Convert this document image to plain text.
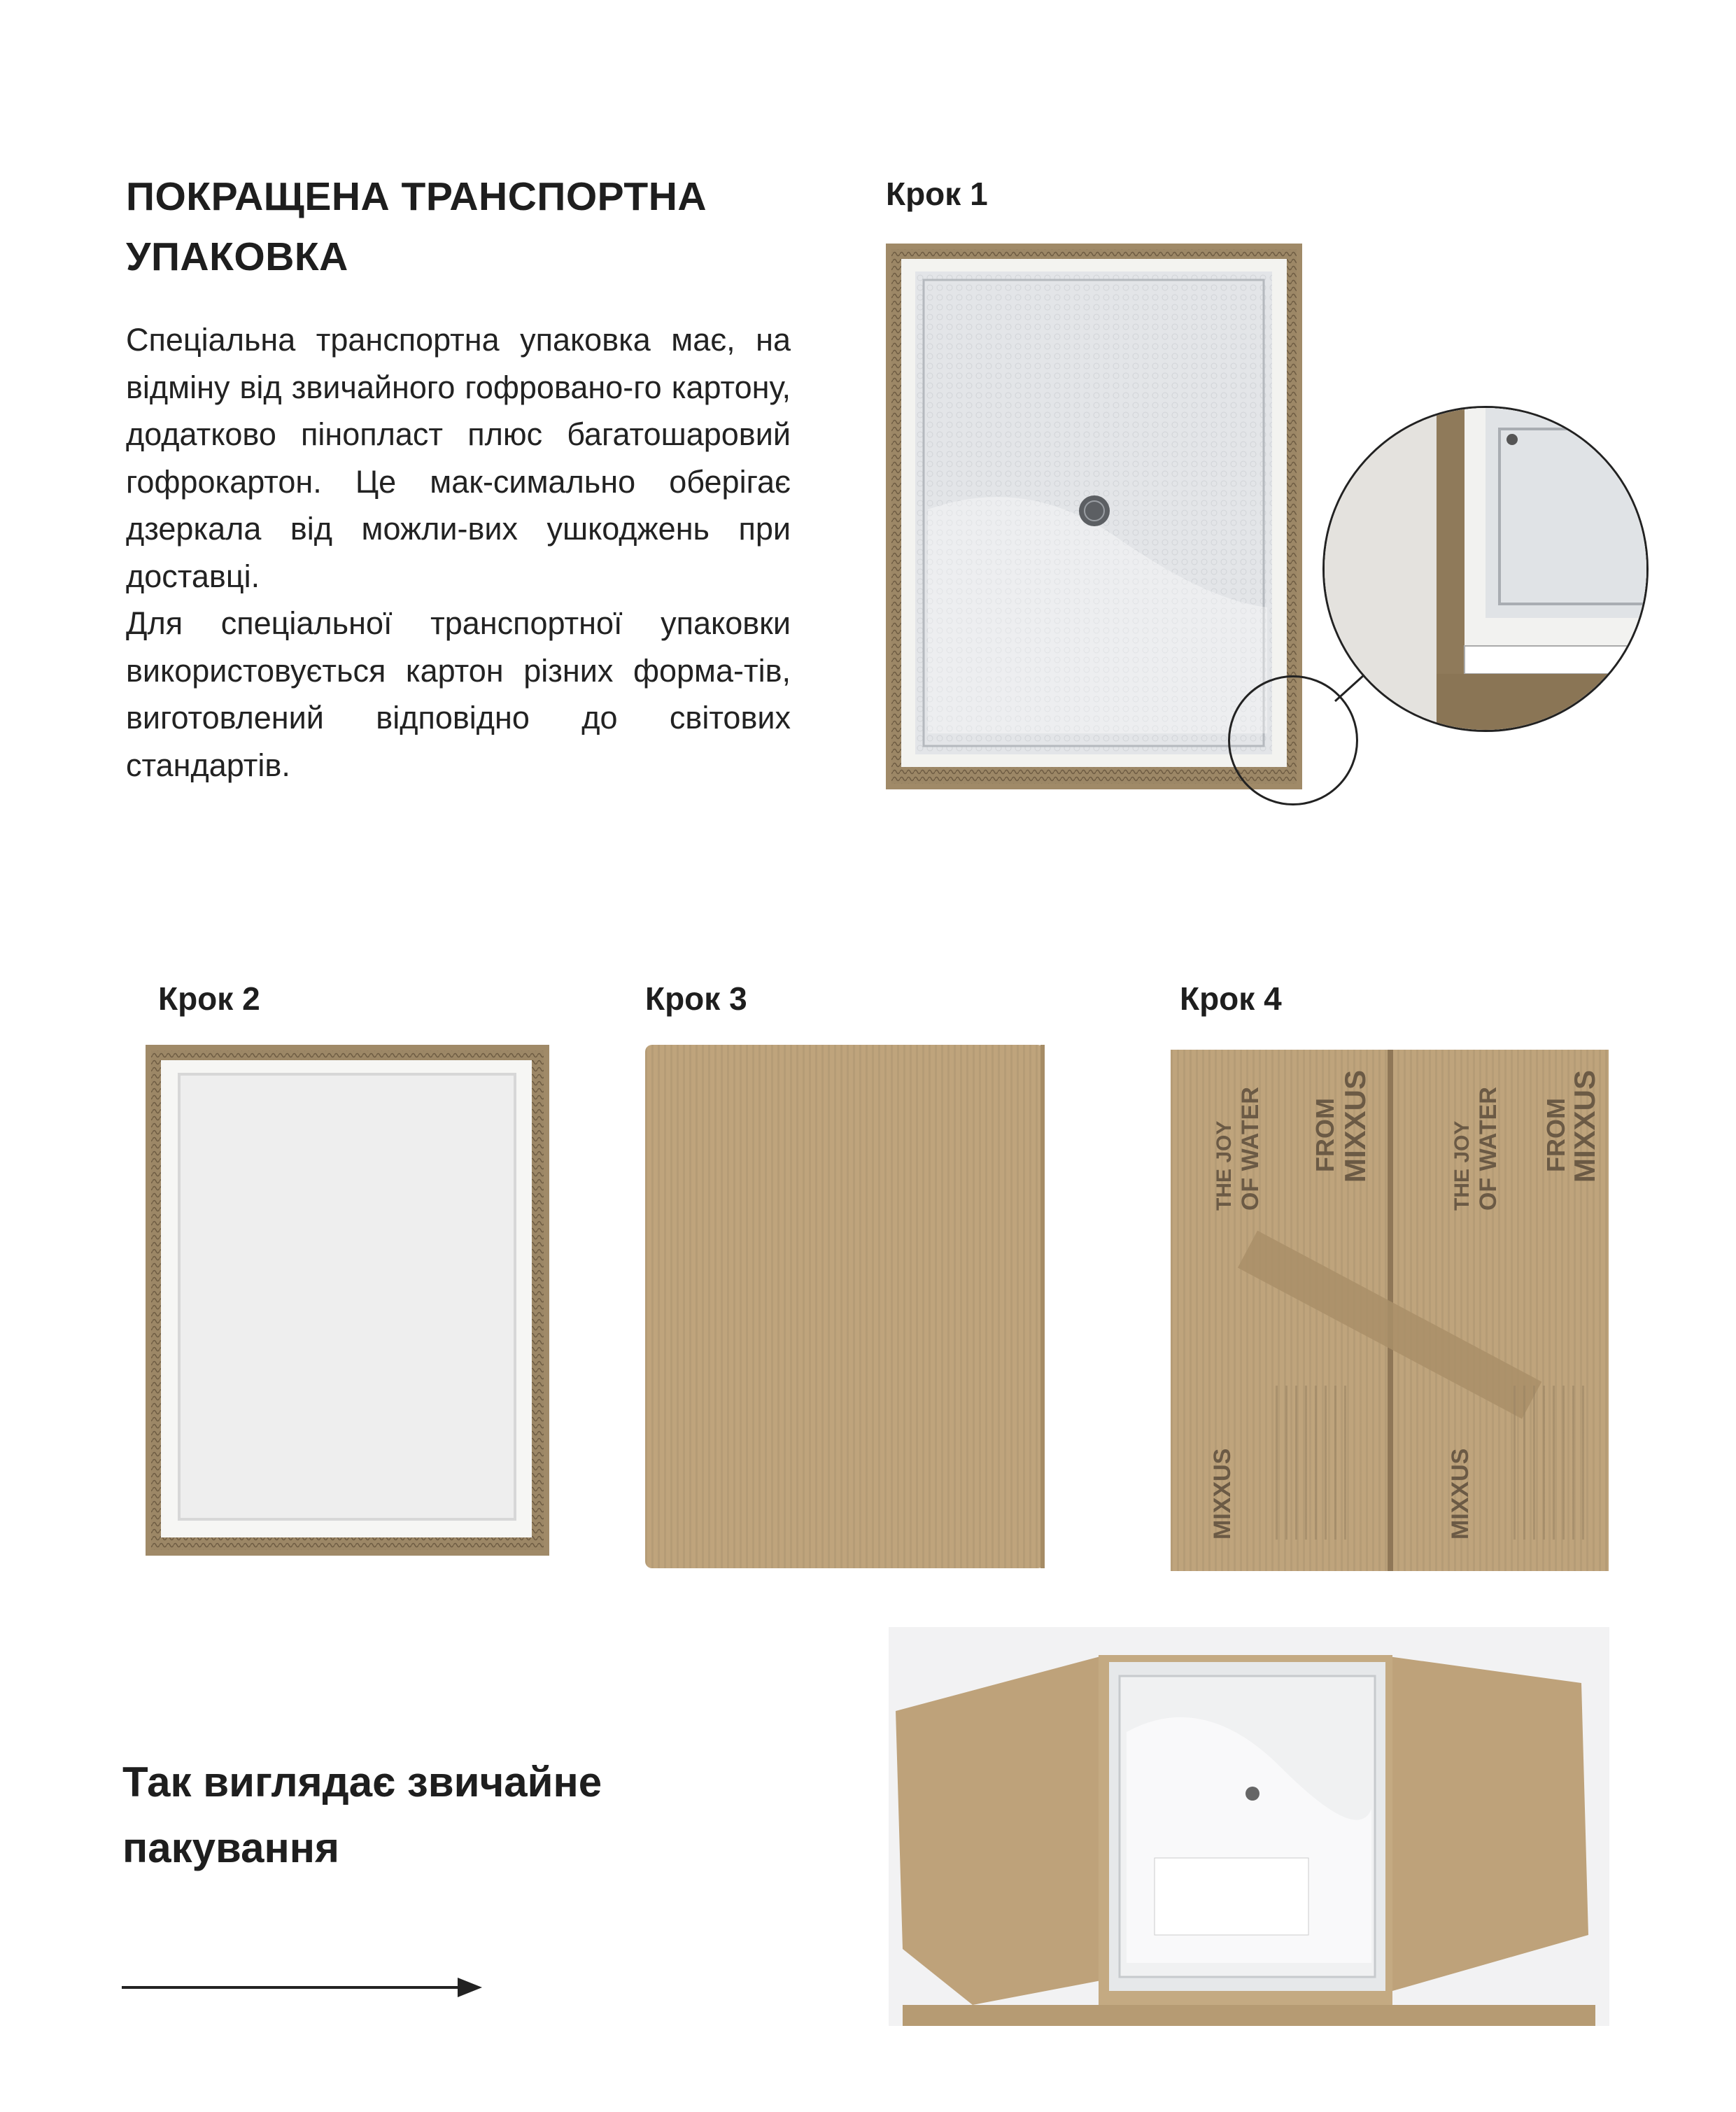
ПОКРАЩЕНА ТРАНСПОРТНА
УПАКОВКА

Спеціальна транспортна упаковка має, на відміну від звичайного гофровано-го картону, додатково пінопласт плюс багатошаровий гофрокартон. Це мак-симально оберігає дзеркала від можли-вих ушкоджень при доставці.

Для спеціальної транспортної упаковки використовується картон різних форма-тів, виготовлений відповідно до світових стандартів.

Крок 1
Крок 2	Крок 3	Крок 4
THE JOY OF WATER FROM MIXXUS
MIXXUS
THE JOY OF WATER FROM
MIXXUS
MIXXUS
Так виглядає звичайне
пакування
